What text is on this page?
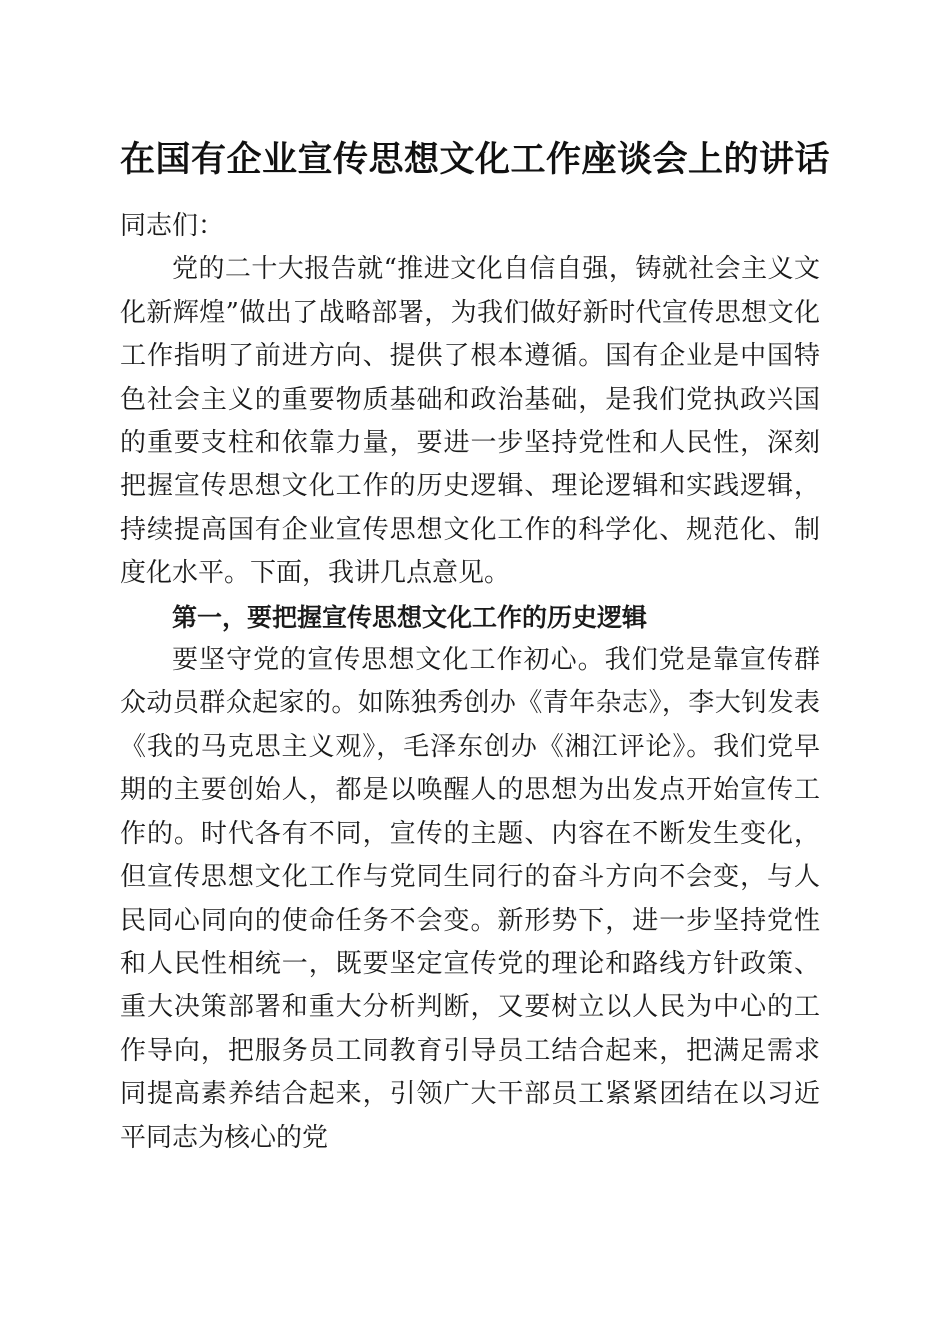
在国有企业宣传思想文化工作座谈会上的讲话

同志们：

党的二十大报告就“推进文化自信自强，铸就社会主义文化新辉煌”做出了战略部署，为我们做好新时代宣传思想文化工作指明了前进方向、提供了根本遵循。国有企业是中国特色社会主义的重要物质基础和政治基础，是我们党执政兴国的重要支柱和依靠力量，要进一步坚持党性和人民性，深刻把握宣传思想文化工作的历史逻辑、理论逻辑和实践逻辑，持续提高国有企业宣传思想文化工作的科学化、规范化、制度化水平。下面，我讲几点意见。

第一，要把握宣传思想文化工作的历史逻辑

要坚守党的宣传思想文化工作初心。我们党是靠宣传群众动员群众起家的。如陈独秀创办《青年杂志》，李大钊发表《我的马克思主义观》，毛泽东创办《湘江评论》。我们党早期的主要创始人，都是以唤醒人的思想为出发点开始宣传工作的。时代各有不同，宣传的主题、内容在不断发生变化，但宣传思想文化工作与党同生同行的奋斗方向不会变，与人民同心同向的使命任务不会变。新形势下，进一步坚持党性和人民性相统一，既要坚定宣传党的理论和路线方针政策、重大决策部署和重大分析判断，又要树立以人民为中心的工作导向，把服务员工同教育引导员工结合起来，把满足需求同提高素养结合起来，引领广大干部员工紧紧团结在以习近平同志为核心的党
